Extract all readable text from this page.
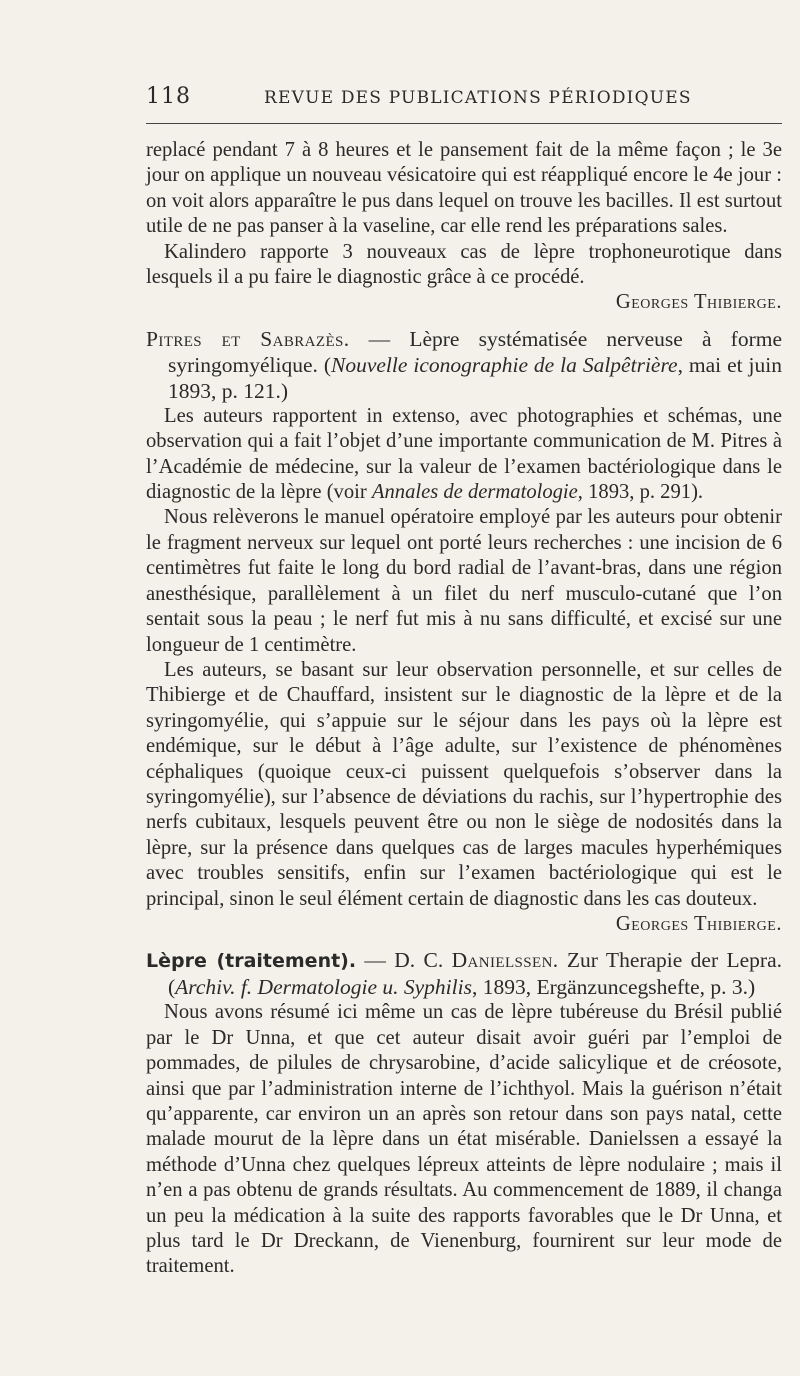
118	REVUE DES PUBLICATIONS PÉRIODIQUES

replacé pendant 7 à 8 heures et le pansement fait de la même façon ; le 3e jour on applique un nouveau vésicatoire qui est réappliqué encore le 4e jour : on voit alors apparaître le pus dans lequel on trouve les bacilles. Il est surtout utile de ne pas panser à la vaseline, car elle rend les préparations sales.

Kalindero rapporte 3 nouveaux cas de lèpre trophoneurotique dans lesquels il a pu faire le diagnostic grâce à ce procédé.

Georges Thibierge.

Pitres et Sabrazès. — Lèpre systématisée nerveuse à forme syringomyélique. (Nouvelle iconographie de la Salpêtrière, mai et juin 1893, p. 121.)

Les auteurs rapportent in extenso, avec photographies et schémas, une observation qui a fait l’objet d’une importante communication de M. Pitres à l’Académie de médecine, sur la valeur de l’examen bactériologique dans le diagnostic de la lèpre (voir Annales de dermatologie, 1893, p. 291).

Nous relèverons le manuel opératoire employé par les auteurs pour obtenir le fragment nerveux sur lequel ont porté leurs recherches : une incision de 6 centimètres fut faite le long du bord radial de l’avant-bras, dans une région anesthésique, parallèlement à un filet du nerf musculo-cutané que l’on sentait sous la peau ; le nerf fut mis à nu sans difficulté, et excisé sur une longueur de 1 centimètre.

Les auteurs, se basant sur leur observation personnelle, et sur celles de Thibierge et de Chauffard, insistent sur le diagnostic de la lèpre et de la syringomyélie, qui s’appuie sur le séjour dans les pays où la lèpre est endémique, sur le début à l’âge adulte, sur l’existence de phénomènes céphaliques (quoique ceux-ci puissent quelquefois s’observer dans la syringomyélie), sur l’absence de déviations du rachis, sur l’hypertrophie des nerfs cubitaux, lesquels peuvent être ou non le siège de nodosités dans la lèpre, sur la présence dans quelques cas de larges macules hyperhémiques avec troubles sensitifs, enfin sur l’examen bactériologique qui est le principal, sinon le seul élément certain de diagnostic dans les cas douteux.

Georges Thibierge.

Lèpre (traitement). — D. C. Danielssen. Zur Therapie der Lepra. (Archiv. f. Dermatologie u. Syphilis, 1893, Ergänzuncegshefte, p. 3.)

Nous avons résumé ici même un cas de lèpre tubéreuse du Brésil publié par le Dr Unna, et que cet auteur disait avoir guéri par l’emploi de pommades, de pilules de chrysarobine, d’acide salicylique et de créosote, ainsi que par l’administration interne de l’ichthyol. Mais la guérison n’était qu’apparente, car environ un an après son retour dans son pays natal, cette malade mourut de la lèpre dans un état misérable. Danielssen a essayé la méthode d’Unna chez quelques lépreux atteints de lèpre nodulaire ; mais il n’en a pas obtenu de grands résultats. Au commencement de 1889, il changa un peu la médication à la suite des rapports favorables que le Dr Unna, et plus tard le Dr Dreckann, de Vienenburg, fournirent sur leur mode de traitement.
